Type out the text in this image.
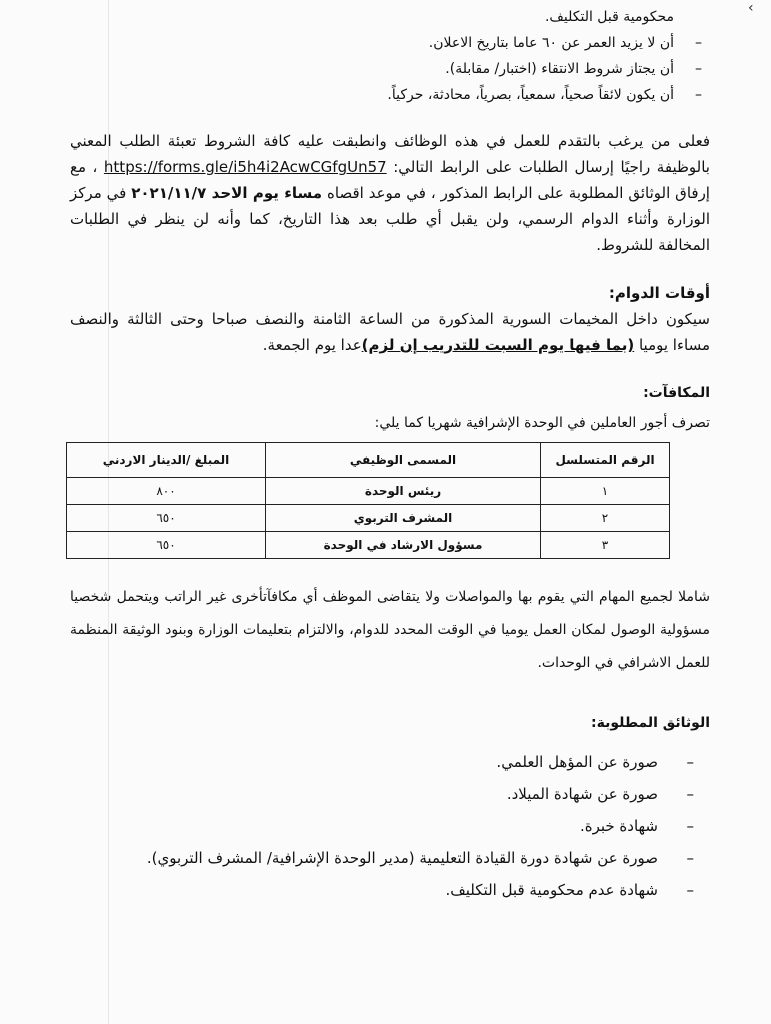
‹
محكومية قبل التكليف.
– أن لا يزيد العمر عن ٦٠ عاما بتاريخ الاعلان.
– أن يجتاز شروط الانتقاء (اختبار/ مقابلة).
– أن يكون لائقاً صحياً، سمعياً، بصرياً، محادثة، حركياً.

فعلى من يرغب بالتقدم للعمل في هذه الوظائف وانطبقت عليه كافة الشروط تعبئة الطلب المعني بالوظيفة راجيًا إرسال الطلبات على الرابط التالي: https://forms.gle/i5h4i2AcwCGfgUn57 ، مع إرفاق الوثائق المطلوبة على الرابط المذكور ، في موعد اقصاه مساء يوم الاحد ٢٠٢١/١١/٧ في مركز الوزارة وأثناء الدوام الرسمي، ولن يقبل أي طلب بعد هذا التاريخ، كما وأنه لن ينظر في الطلبات المخالفة للشروط.

أوقات الدوام:

سيكون داخل المخيمات السورية المذكورة من الساعة الثامنة والنصف صباحا وحتى الثالثة والنصف مساءا يوميا (بما فيها يوم السبت للتدريب إن لزم)عدا يوم الجمعة.

المكافآت:
تصرف أجور العاملين في الوحدة الإشرافية شهريا كما يلي:
الرقم المتسلسل	المسمى الوظيفي	المبلغ /الدينار الاردني
١	ريئس الوحدة	٨٠٠
٢	المشرف التربوي	٦٥٠
٣	مسؤول الارشاد في الوحدة	٦٥٠

شاملا لجميع المهام التي يقوم بها والمواصلات ولا يتقاضى الموظف أي مكافآتأخرى غير الراتب ويتحمل شخصيا مسؤولية الوصول لمكان العمل يوميا في الوقت المحدد للدوام، والالتزام بتعليمات الوزارة وبنود الوثيقة المنظمة للعمل الاشرافي في الوحدات.

الوثائق المطلوبة:
– صورة عن المؤهل العلمي.
– صورة عن شهادة الميلاد.
– شهادة خبرة.
– صورة عن شهادة دورة القيادة التعليمية (مدير الوحدة الإشرافية/ المشرف التربوي).
– شهادة عدم محكومية قبل التكليف.
